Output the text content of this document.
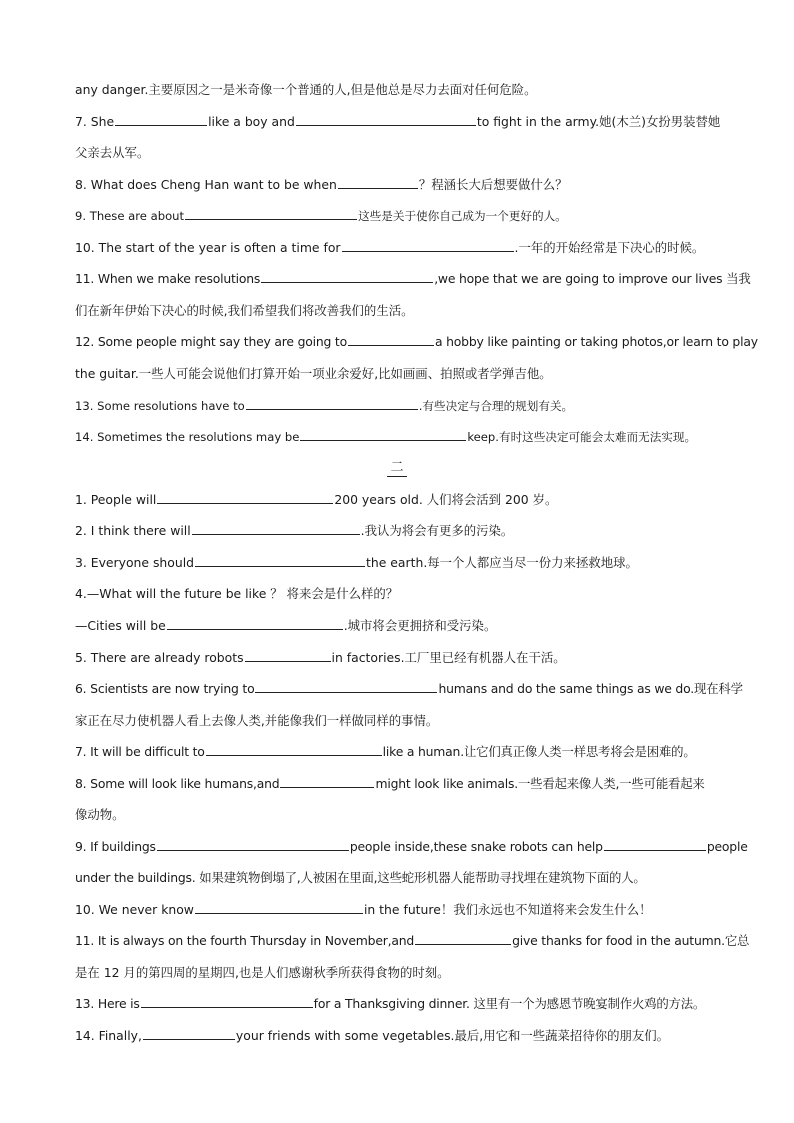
any danger.主要原因之一是米奇像一个普通的人,但是他总是尽力去面对任何危险。
7. She	like a boy and	to fight in the army.她(木兰)女扮男装替她
父亲去从军。
8. What does Cheng Han want to be when	？程涵长大后想要做什么？
9. These are about	这些是关于使你自己成为一个更好的人。
10. The start of the year is often a time for	.一年的开始经常是下决心的时候。
11. When we make resolutions	,we hope that we are going to improve our lives 当我
们在新年伊始下决心的时候,我们希望我们将改善我们的生活。
12. Some people might say they are going to	a hobby like painting or taking photos,or learn to play
the guitar.一些人可能会说他们打算开始一项业余爱好,比如画画、拍照或者学弹吉他。
13. Some resolutions have to	.有些决定与合理的规划有关。
14. Sometimes the resolutions may be	keep.有时这些决定可能会太难而无法实现。
二
1. People will	200 years old. 人们将会活到 200 岁。
2. I think there will	.我认为将会有更多的污染。
3. Everyone should	the earth.每一个人都应当尽一份力来拯救地球。
4.—What will the future be like ？ 将来会是什么样的？
—Cities will be	.城市将会更拥挤和受污染。
5. There are already robots	in factories.工厂里已经有机器人在干活。
6. Scientists are now trying to	humans and do the same things as we do.现在科学
家正在尽力使机器人看上去像人类,并能像我们一样做同样的事情。
7. It will be difficult to	like a human.让它们真正像人类一样思考将会是困难的。
8. Some will look like humans,and	might look like animals.一些看起来像人类,一些可能看起来
像动物。
9. If buildings	people inside,these snake robots can help	people
under the buildings. 如果建筑物倒塌了,人被困在里面,这些蛇形机器人能帮助寻找埋在建筑物下面的人。
10. We never know	in the future！我们永远也不知道将来会发生什么！
11. It is always on the fourth Thursday in November,and	give thanks for food in the autumn.它总
是在 12 月的第四周的星期四,也是人们感谢秋季所获得食物的时刻。
13. Here is	for a Thanksgiving dinner. 这里有一个为感恩节晚宴制作火鸡的方法。
14. Finally,	your friends with some vegetables.最后,用它和一些蔬菜招待你的朋友们。
